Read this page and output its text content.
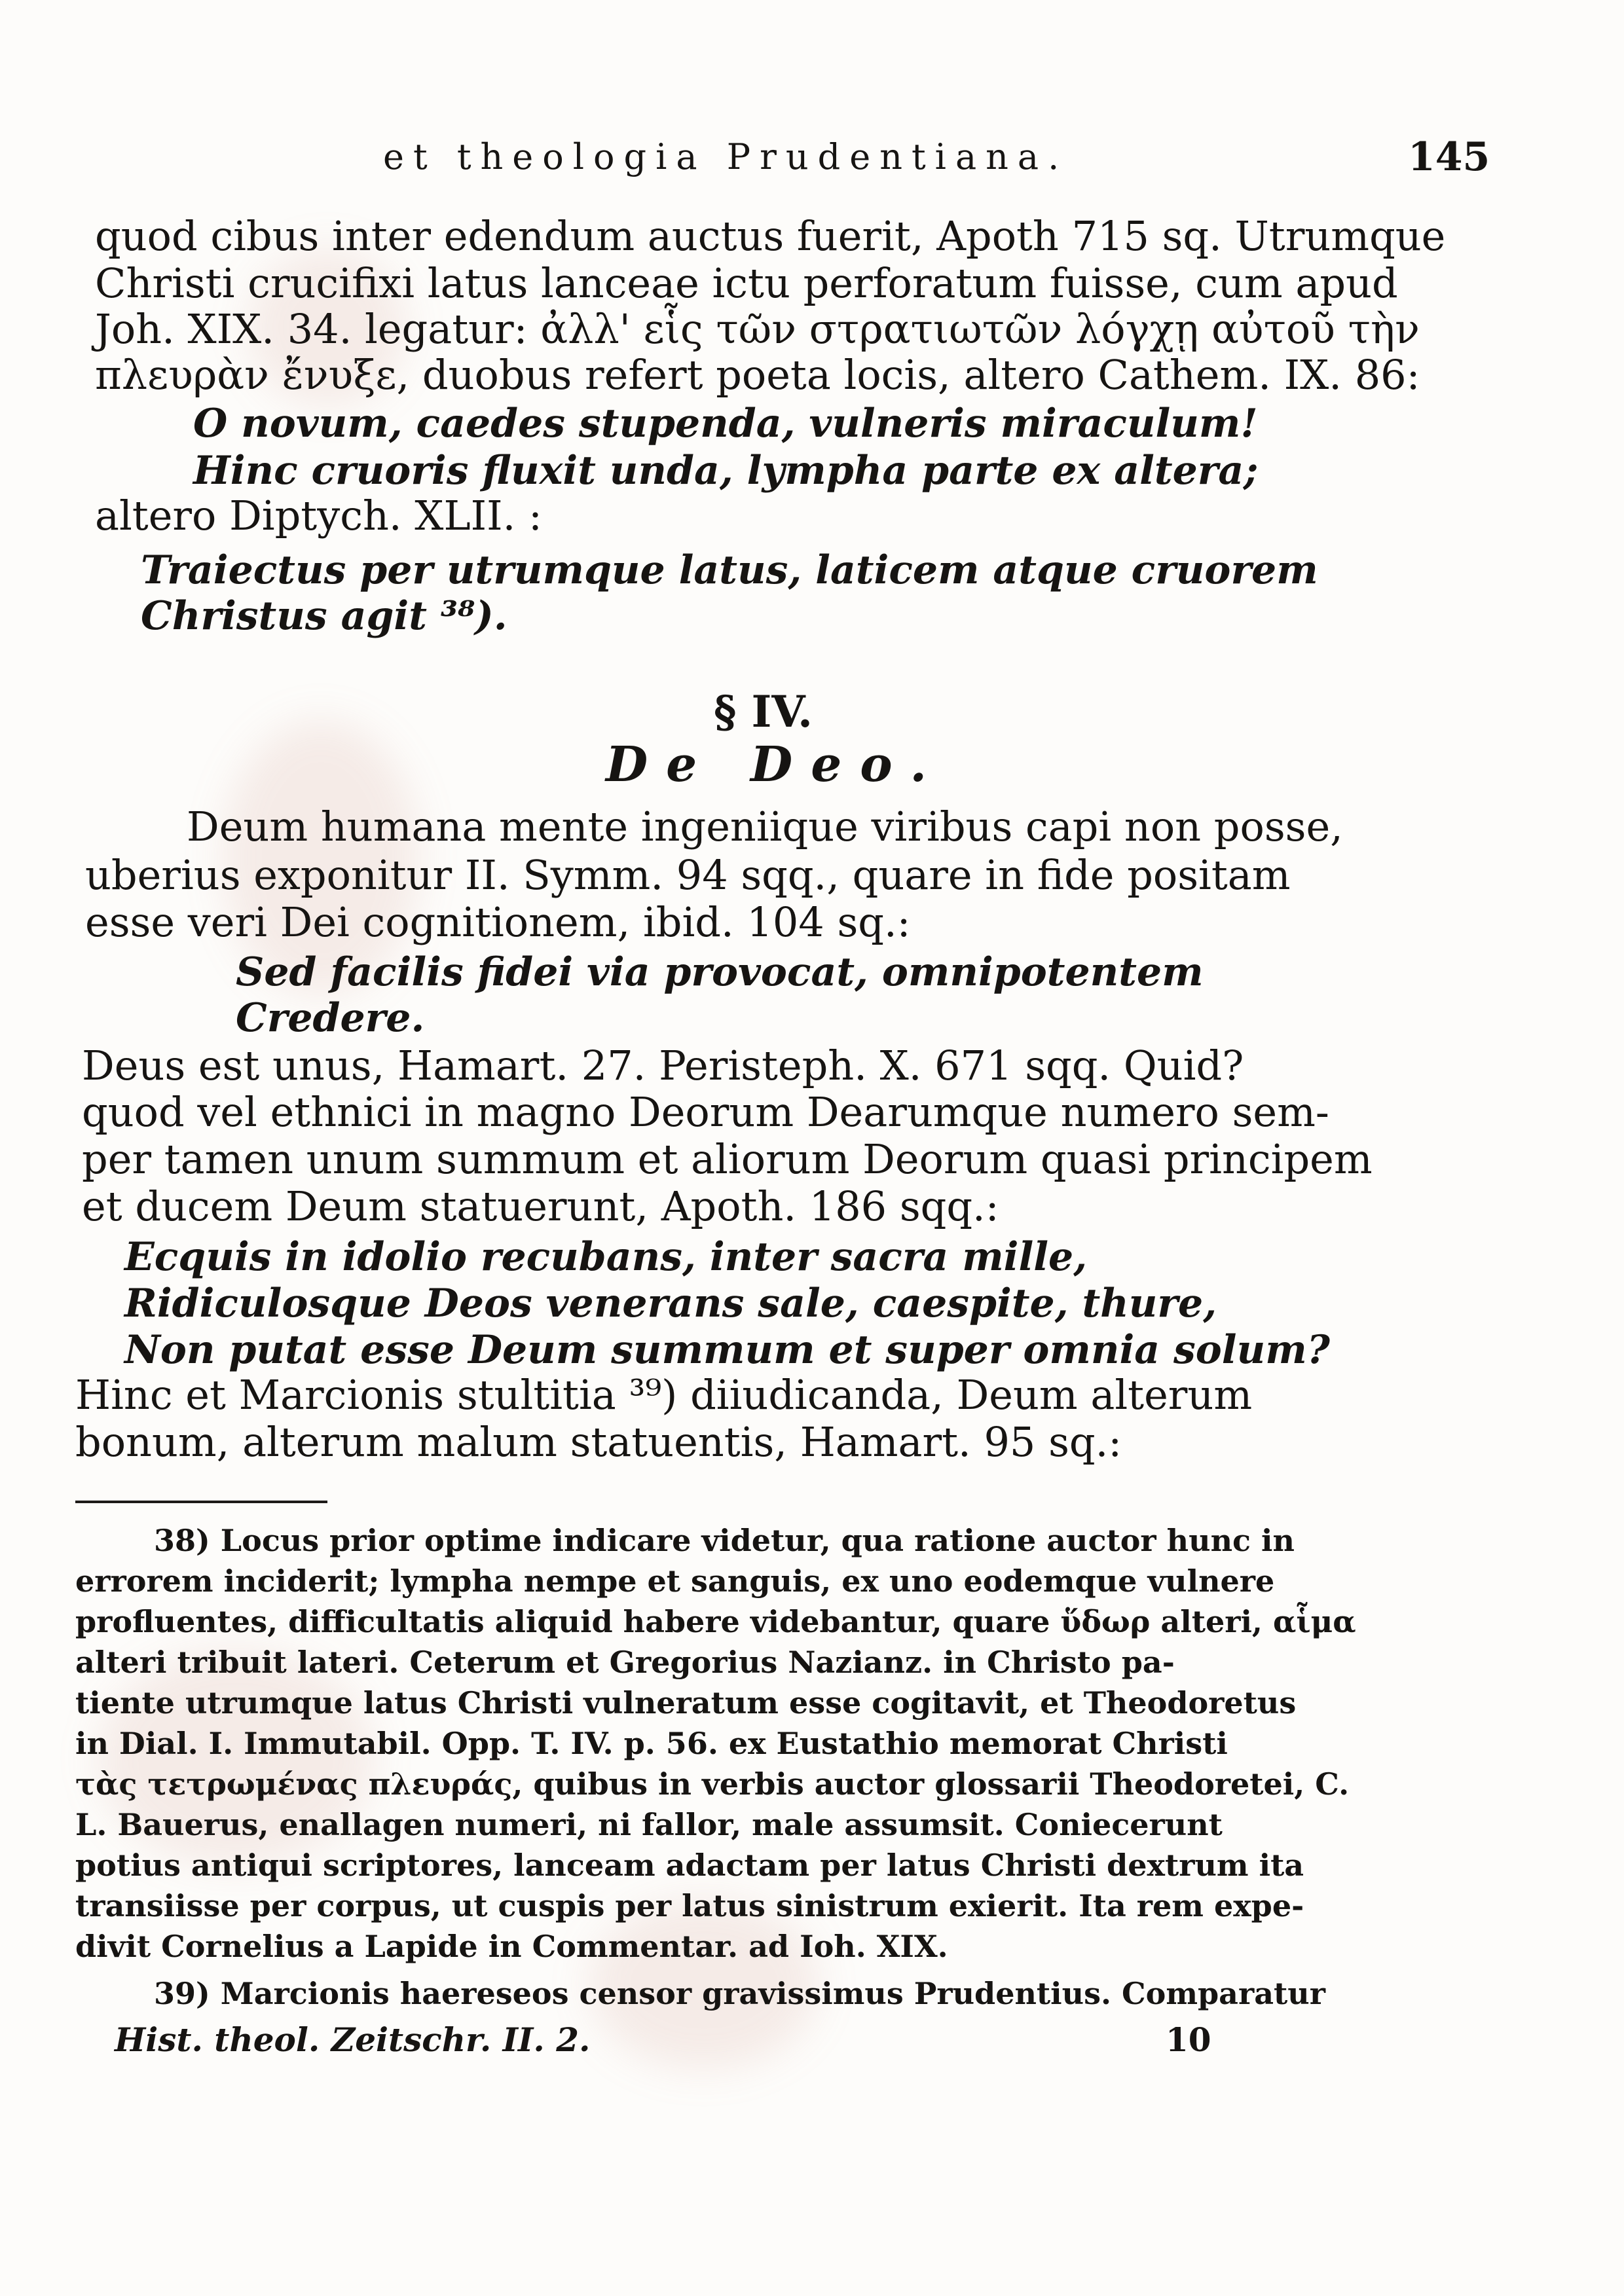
et theologia Prudentiana.	145
quod cibus inter edendum auctus fuerit, Apoth 715 sq. Utrumque
Christi crucifixi latus lanceae ictu perforatum fuisse, cum apud
Joh. XIX. 34. legatur: ἀλλ' εἷς τῶν στρατιωτῶν λόγχῃ αὐτοῦ τὴν
πλευρὰν ἔνυξε, duobus refert poeta locis, altero Cathem. IX. 86:
O novum, caedes stupenda, vulneris miraculum!
Hinc cruoris fluxit unda, lympha parte ex altera;
altero Diptych. XLII. :
Traiectus per utrumque latus, laticem atque cruorem
Christus agit ³⁸).
§ IV.
De Deo.
Deum humana mente ingeniique viribus capi non posse,
uberius exponitur II. Symm. 94 sqq., quare in fide positam
esse veri Dei cognitionem, ibid. 104 sq.:
Sed facilis fidei via provocat, omnipotentem
Credere.
Deus est unus, Hamart. 27. Peristeph. X. 671 sqq. Quid?
quod vel ethnici in magno Deorum Dearumque numero sem-
per tamen unum summum et aliorum Deorum quasi principem
et ducem Deum statuerunt, Apoth. 186 sqq.:
Ecquis in idolio recubans, inter sacra mille,
Ridiculosque Deos venerans sale, caespite, thure,
Non putat esse Deum summum et super omnia solum?
Hinc et Marcionis stultitia ³⁹) diiudicanda, Deum alterum
bonum, alterum malum statuentis, Hamart. 95 sq.:
38) Locus prior optime indicare videtur, qua ratione auctor hunc in
errorem inciderit; lympha nempe et sanguis, ex uno eodemque vulnere
profluentes, difficultatis aliquid habere videbantur, quare ὕδωρ alteri, αἷμα
alteri tribuit lateri. Ceterum et Gregorius Nazianz. in Christo pa-
tiente utrumque latus Christi vulneratum esse cogitavit, et Theodoretus
in Dial. I. Immutabil. Opp. T. IV. p. 56. ex Eustathio memorat Christi
τὰς τετρωμένας πλευράς, quibus in verbis auctor glossarii Theodoretei, C.
L. Bauerus, enallagen numeri, ni fallor, male assumsit. Coniecerunt
potius antiqui scriptores, lanceam adactam per latus Christi dextrum ita
transiisse per corpus, ut cuspis per latus sinistrum exierit. Ita rem expe-
divit Cornelius a Lapide in Commentar. ad Ioh. XIX.
39) Marcionis haereseos censor gravissimus Prudentius. Comparatur
Hist. theol. Zeitschr. II. 2.	10
